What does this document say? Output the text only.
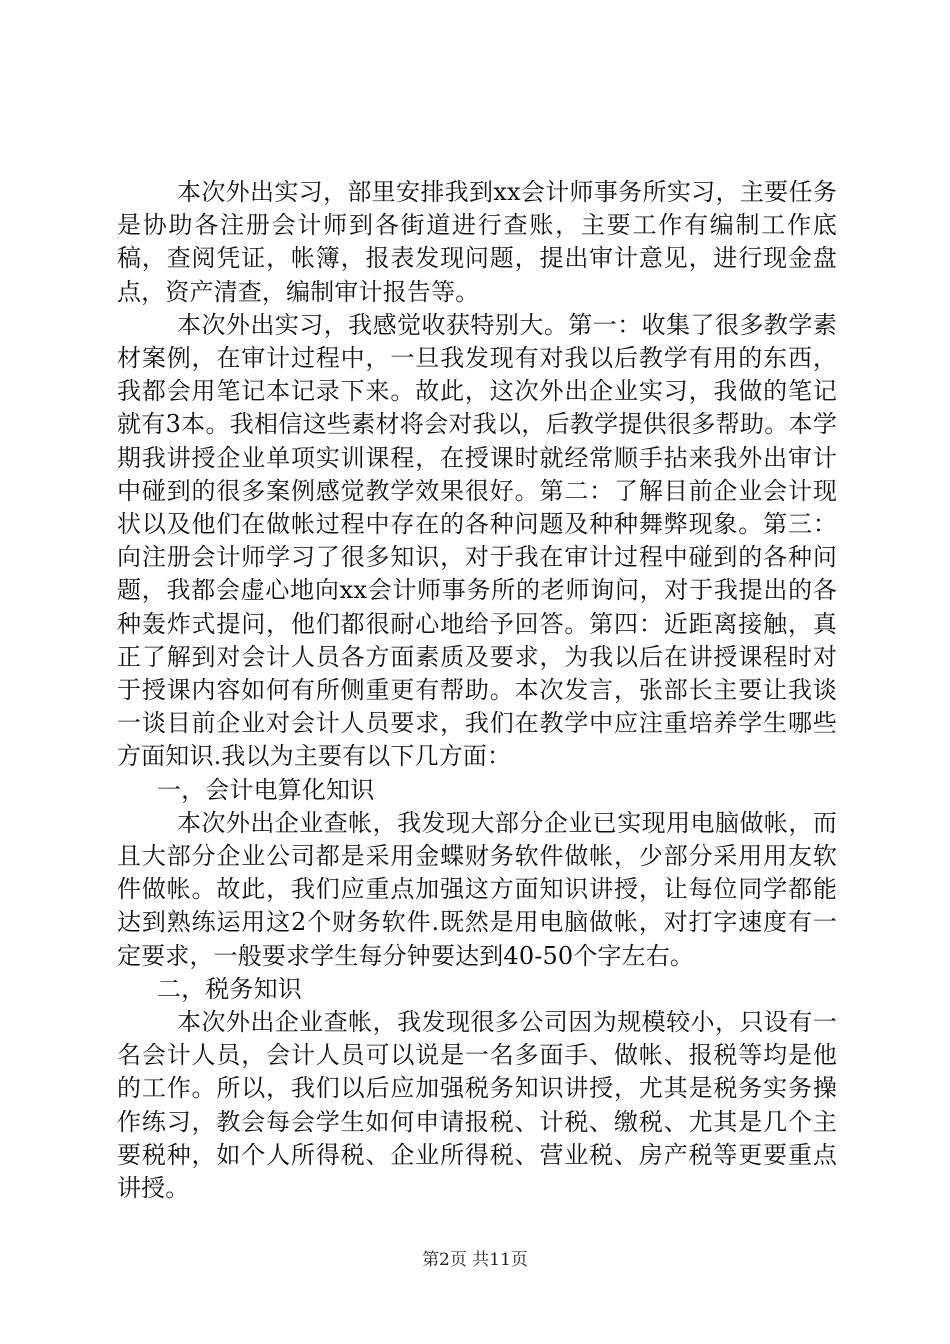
本次外出实习，部里安排我到xx会计师事务所实习，主要任务是协助各注册会计师到各街道进行查账，主要工作有编制工作底稿，查阅凭证，帐簿，报表发现问题，提出审计意见，进行现金盘点，资产清查，编制审计报告等。

本次外出实习，我感觉收获特别大。第一：收集了很多教学素材案例，在审计过程中，一旦我发现有对我以后教学有用的东西，我都会用笔记本记录下来。故此，这次外出企业实习，我做的笔记就有3本。我相信这些素材将会对我以，后教学提供很多帮助。本学期我讲授企业单项实训课程，在授课时就经常顺手拈来我外出审计中碰到的很多案例感觉教学效果很好。第二：了解目前企业会计现状以及他们在做帐过程中存在的各种问题及种种舞弊现象。第三：向注册会计师学习了很多知识，对于我在审计过程中碰到的各种问题，我都会虚心地向xx会计师事务所的老师询问，对于我提出的各种轰炸式提问，他们都很耐心地给予回答。第四：近距离接触，真正了解到对会计人员各方面素质及要求，为我以后在讲授课程时对于授课内容如何有所侧重更有帮助。本次发言，张部长主要让我谈一谈目前企业对会计人员要求，我们在教学中应注重培养学生哪些方面知识.我以为主要有以下几方面：

一，会计电算化知识

本次外出企业查帐，我发现大部分企业已实现用电脑做帐，而且大部分企业公司都是采用金蝶财务软件做帐，少部分采用用友软件做帐。故此，我们应重点加强这方面知识讲授，让每位同学都能达到熟练运用这2个财务软件.既然是用电脑做帐，对打字速度有一定要求，一般要求学生每分钟要达到40-50个字左右。

二，税务知识

本次外出企业查帐，我发现很多公司因为规模较小，只设有一名会计人员，会计人员可以说是一名多面手、做帐、报税等均是他的工作。所以，我们以后应加强税务知识讲授，尤其是税务实务操作练习，教会每会学生如何申请报税、计税、缴税、尤其是几个主要税种，如个人所得税、企业所得税、营业税、房产税等更要重点讲授。

第2页 共11页
